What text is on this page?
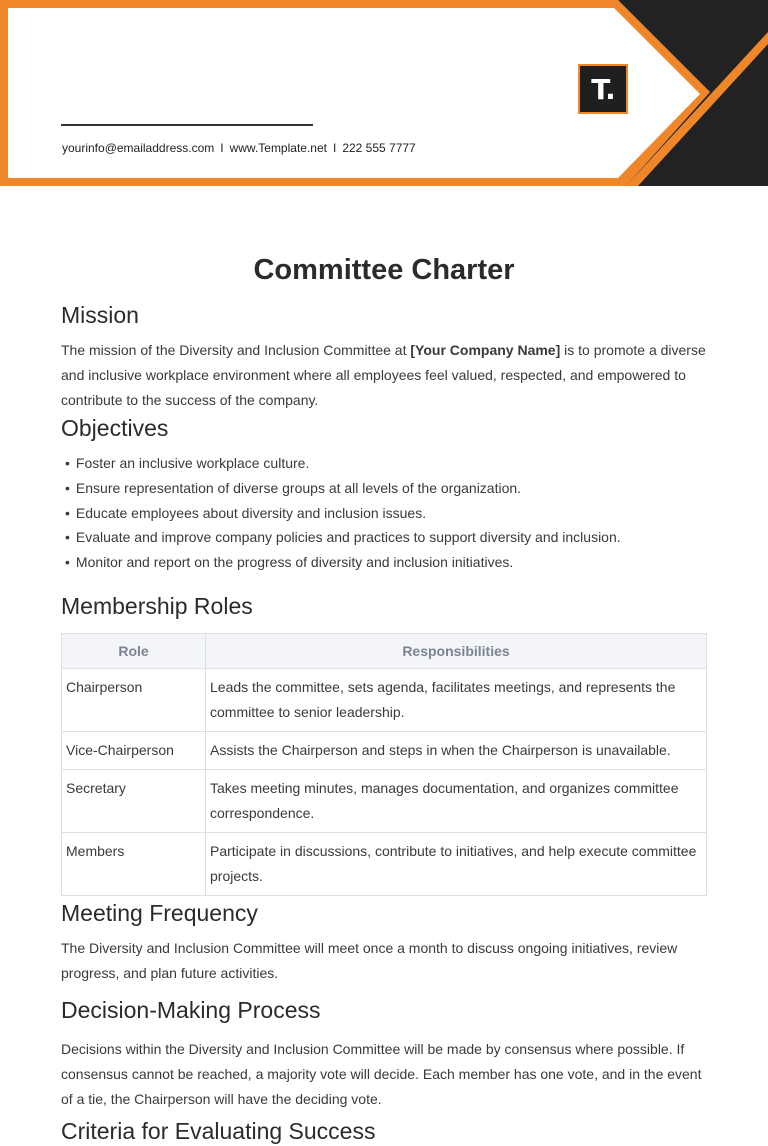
T.
yourinfo@emailaddress.com I www.Template.net I 222 555 7777
Committee Charter
Mission

The mission of the Diversity and Inclusion Committee at [Your Company Name] is to promote a diverse and inclusive workplace environment where all employees feel valued, respected, and empowered to contribute to the success of the company.

Objectives
• Foster an inclusive workplace culture.
• Ensure representation of diverse groups at all levels of the organization.
• Educate employees about diversity and inclusion issues.
• Evaluate and improve company policies and practices to support diversity and inclusion.
• Monitor and report on the progress of diversity and inclusion initiatives.
Membership Roles
Role	Responsibilities
Chairperson	Leads the committee, sets agenda, facilitates meetings, and represents the committee to senior leadership.
Vice-Chairperson	Assists the Chairperson and steps in when the Chairperson is unavailable.
Secretary	Takes meeting minutes, manages documentation, and organizes committee correspondence.
Members	Participate in discussions, contribute to initiatives, and help execute committee projects.
Meeting Frequency

The Diversity and Inclusion Committee will meet once a month to discuss ongoing initiatives, review progress, and plan future activities.

Decision-Making Process

Decisions within the Diversity and Inclusion Committee will be made by consensus where possible. If consensus cannot be reached, a majority vote will decide. Each member has one vote, and in the event of a tie, the Chairperson will have the deciding vote.

Criteria for Evaluating Success
